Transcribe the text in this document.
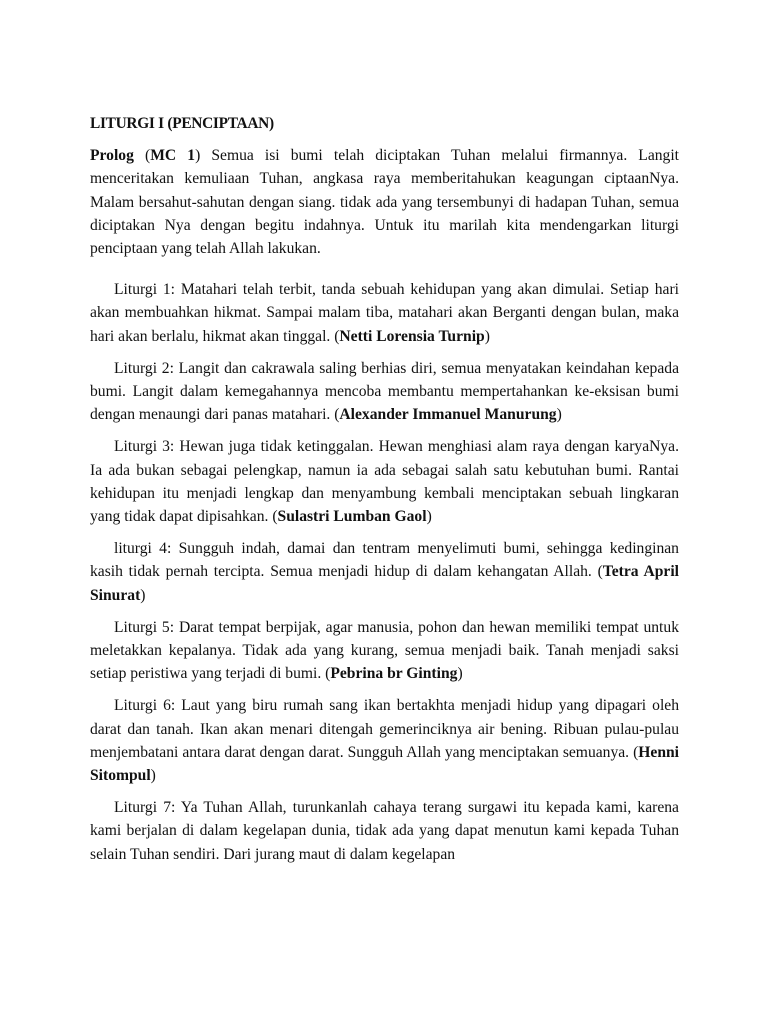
LITURGI I (PENCIPTAAN)

Prolog (MC 1) Semua isi bumi telah diciptakan Tuhan melalui firmannya. Langit menceritakan kemuliaan Tuhan, angkasa raya memberitahukan keagungan ciptaanNya. Malam bersahut-sahutan dengan siang. tidak ada yang tersembunyi di hadapan Tuhan, semua diciptakan Nya dengan begitu indahnya. Untuk itu marilah kita mendengarkan liturgi penciptaan yang telah Allah lakukan.

Liturgi 1: Matahari telah terbit, tanda sebuah kehidupan yang akan dimulai. Setiap hari akan membuahkan hikmat. Sampai malam tiba, matahari akan Berganti dengan bulan, maka hari akan berlalu, hikmat akan tinggal. (Netti Lorensia Turnip)

Liturgi 2: Langit dan cakrawala saling berhias diri, semua menyatakan keindahan kepada bumi. Langit dalam kemegahannya mencoba membantu mempertahankan ke-eksisan bumi dengan menaungi dari panas matahari. (Alexander Immanuel Manurung)

Liturgi 3: Hewan juga tidak ketinggalan. Hewan menghiasi alam raya dengan karyaNya. Ia ada bukan sebagai pelengkap, namun ia ada sebagai salah satu kebutuhan bumi. Rantai kehidupan itu menjadi lengkap dan menyambung kembali menciptakan sebuah lingkaran yang tidak dapat dipisahkan. (Sulastri Lumban Gaol)

liturgi 4: Sungguh indah, damai dan tentram menyelimuti bumi, sehingga kedinginan kasih tidak pernah tercipta. Semua menjadi hidup di dalam kehangatan Allah. (Tetra April Sinurat)

Liturgi 5: Darat tempat berpijak, agar manusia, pohon dan hewan memiliki tempat untuk meletakkan kepalanya. Tidak ada yang kurang, semua menjadi baik. Tanah menjadi saksi setiap peristiwa yang terjadi di bumi. (Pebrina br Ginting)

Liturgi 6: Laut yang biru rumah sang ikan bertakhta menjadi hidup yang dipagari oleh darat dan tanah. Ikan akan menari ditengah gemerinciknya air bening. Ribuan pulau-pulau menjembatani antara darat dengan darat. Sungguh Allah yang menciptakan semuanya. (Henni Sitompul)

Liturgi 7: Ya Tuhan Allah, turunkanlah cahaya terang surgawi itu kepada kami, karena kami berjalan di dalam kegelapan dunia, tidak ada yang dapat menutun kami kepada Tuhan selain Tuhan sendiri. Dari jurang maut di dalam kegelapan
